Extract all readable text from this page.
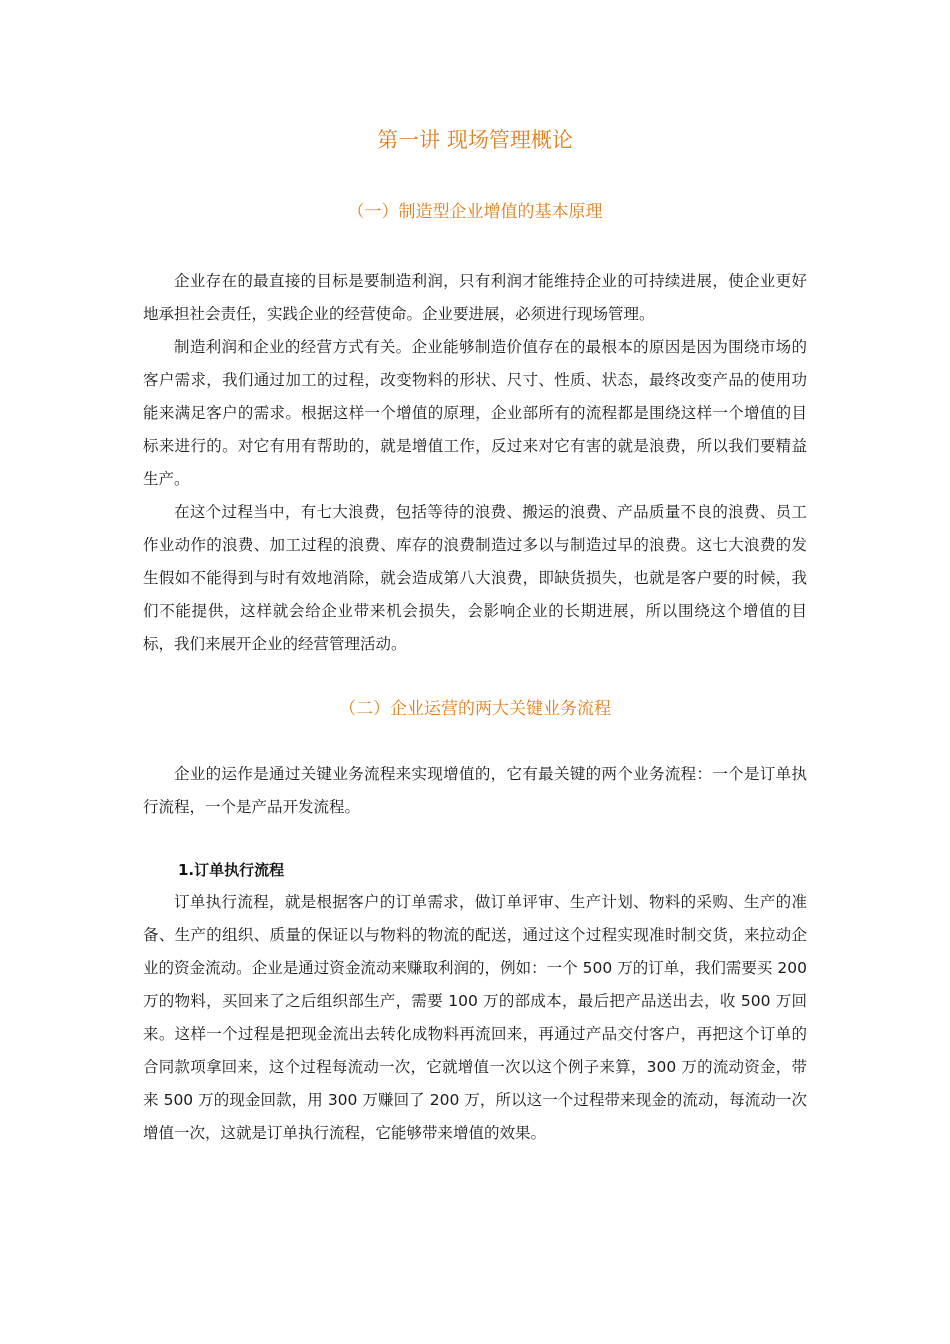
第一讲 现场管理概论
（一）制造型企业增值的基本原理

企业存在的最直接的目标是要制造利润，只有利润才能维持企业的可持续进展，使企业更好地承担社会责任，实践企业的经营使命。企业要进展，必须进行现场管理。

制造利润和企业的经营方式有关。企业能够制造价值存在的最根本的原因是因为围绕市场的客户需求，我们通过加工的过程，改变物料的形状、尺寸、性质、状态，最终改变产品的使用功能来满足客户的需求。根据这样一个增值的原理，企业部所有的流程都是围绕这样一个增值的目标来进行的。对它有用有帮助的，就是增值工作，反过来对它有害的就是浪费，所以我们要精益生产。

在这个过程当中，有七大浪费，包括等待的浪费、搬运的浪费、产品质量不良的浪费、员工作业动作的浪费、加工过程的浪费、库存的浪费制造过多以与制造过早的浪费。这七大浪费的发生假如不能得到与时有效地消除，就会造成第八大浪费，即缺货损失，也就是客户要的时候，我们不能提供，这样就会给企业带来机会损失，会影响企业的长期进展，所以围绕这个增值的目标，我们来展开企业的经营管理活动。

（二）企业运营的两大关键业务流程

企业的运作是通过关键业务流程来实现增值的，它有最关键的两个业务流程：一个是订单执行流程，一个是产品开发流程。

1.订单执行流程

订单执行流程，就是根据客户的订单需求，做订单评审、生产计划、物料的采购、生产的准备、生产的组织、质量的保证以与物料的物流的配送，通过这个过程实现准时制交货，来拉动企业的资金流动。企业是通过资金流动来赚取利润的，例如：一个 500 万的订单，我们需要买 200 万的物料，买回来了之后组织部生产，需要 100 万的部成本，最后把产品送出去，收 500 万回来。这样一个过程是把现金流出去转化成物料再流回来，再通过产品交付客户，再把这个订单的合同款项拿回来，这个过程每流动一次，它就增值一次以这个例子来算，300 万的流动资金，带来 500 万的现金回款，用 300 万赚回了 200 万，所以这一个过程带来现金的流动，每流动一次增值一次，这就是订单执行流程，它能够带来增值的效果。
